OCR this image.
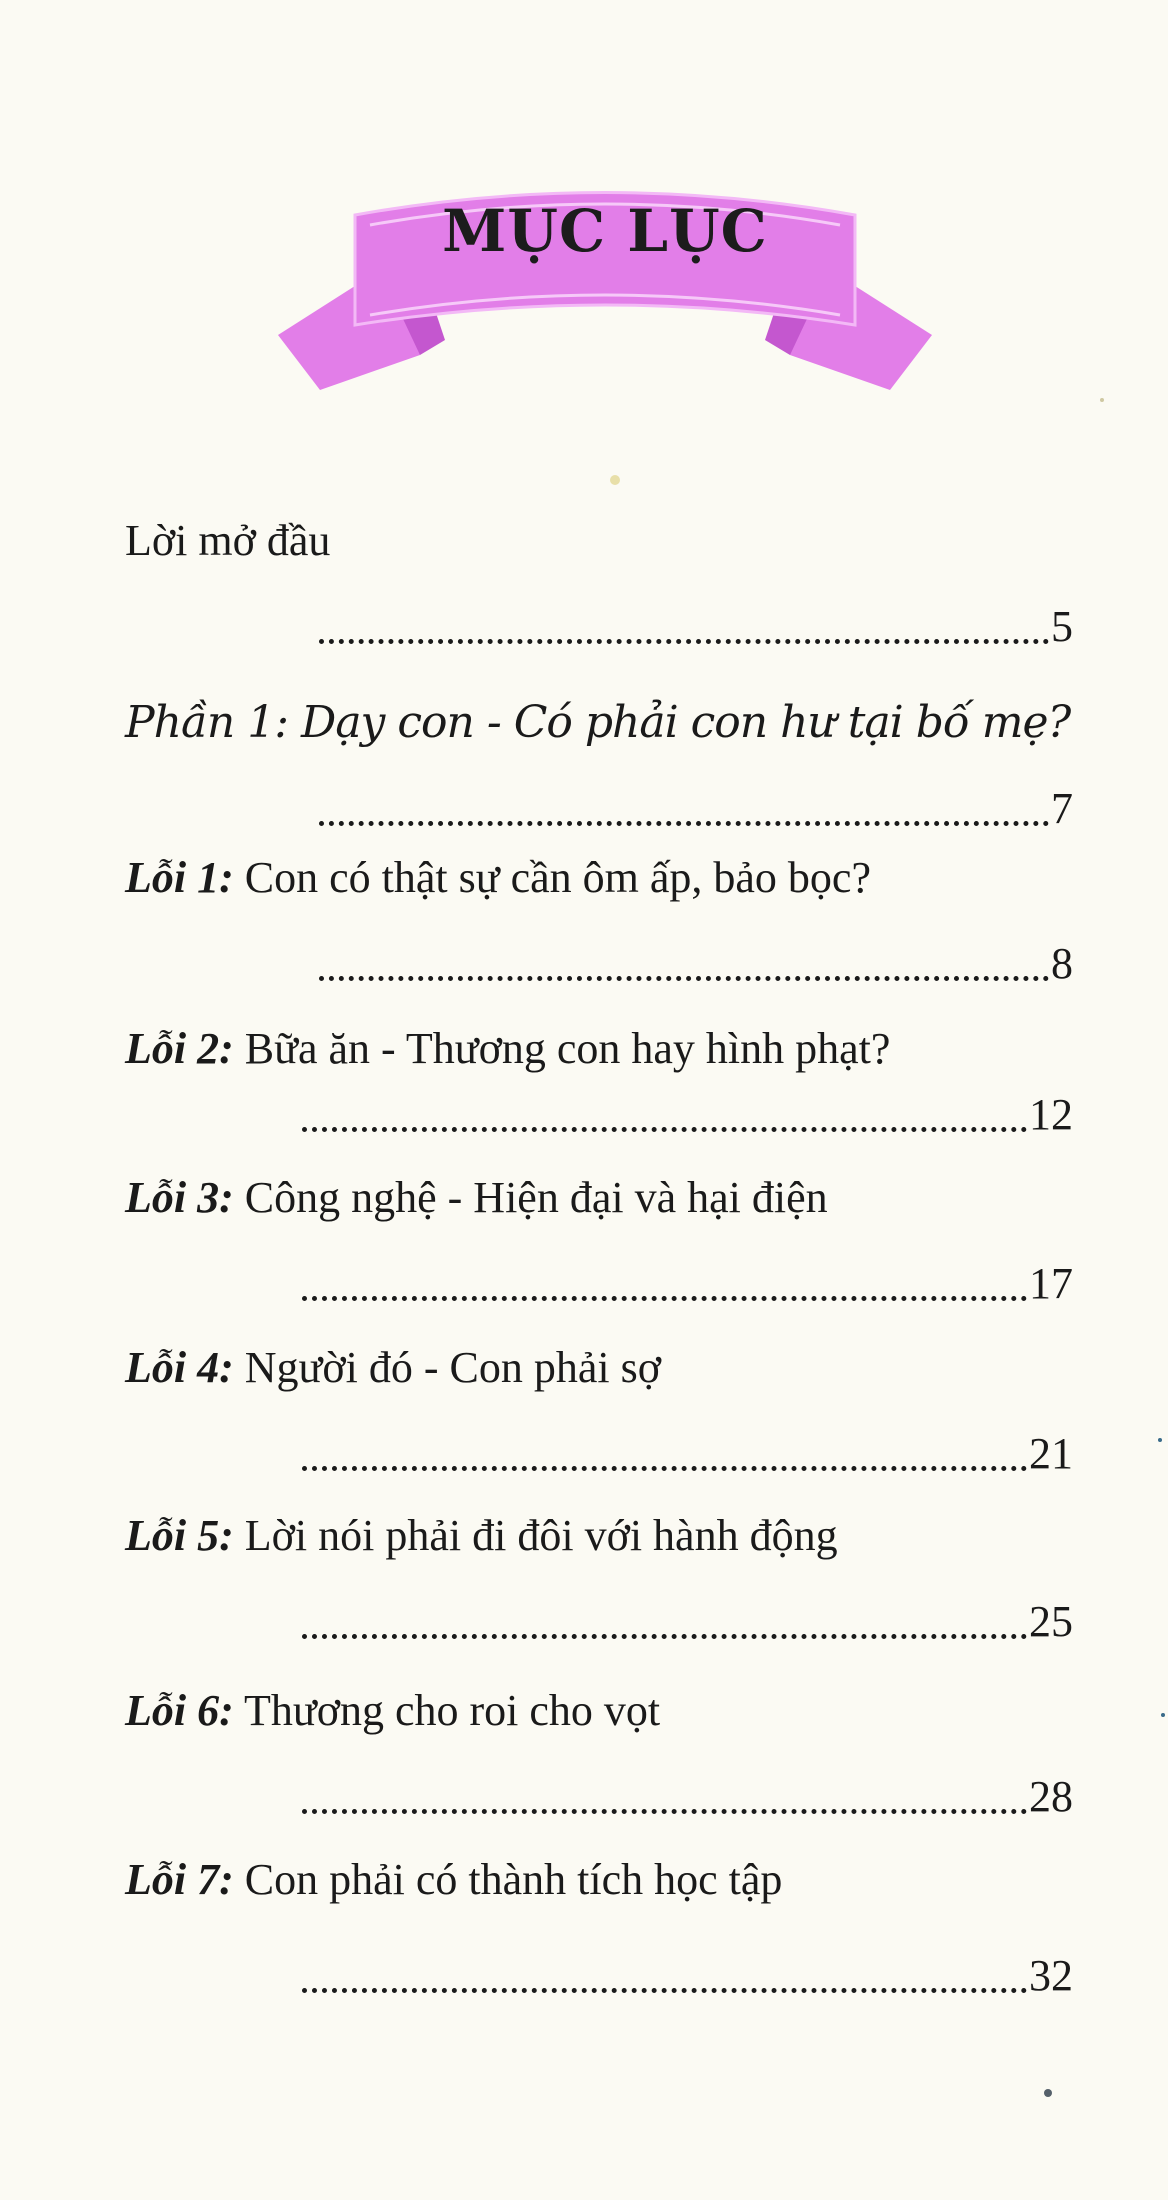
MỤC LỤC
Lời mở đầu
5
Phần 1: Dạy con - Có phải con hư tại bố mẹ?
7
Lỗi 1: Con có thật sự cần ôm ấp, bảo bọc?
8
Lỗi 2: Bữa ăn - Thương con hay hình phạt?
12
Lỗi 3: Công nghệ - Hiện đại và hại điện
17
Lỗi 4: Người đó - Con phải sợ
21
Lỗi 5: Lời nói phải đi đôi với hành động
25
Lỗi 6: Thương cho roi cho vọt
28
Lỗi 7: Con phải có thành tích học tập
32
